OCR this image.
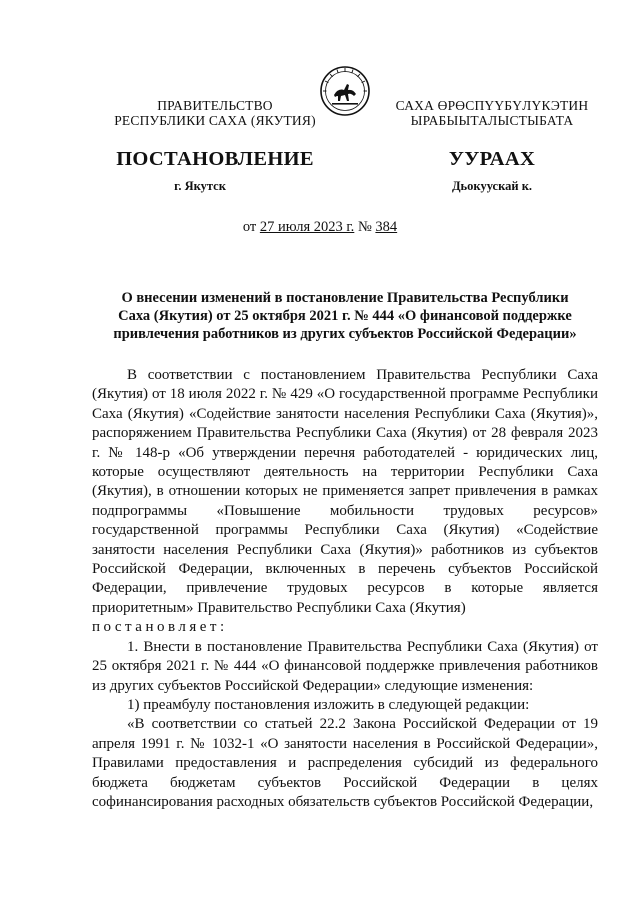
ПРАВИТЕЛЬСТВО
РЕСПУБЛИКИ САХА (ЯКУТИЯ)
САХА ӨРӨСПҮҮБҮЛҮКЭТИН
ЫРАБЫЫТАЛЫСТЫБАТА
ПОСТАНОВЛЕНИЕ	УУРААХ
г. Якутск	Дьокуускай к.
от 27 июля 2023 г. № 384
О внесении изменений в постановление Правительства Республики
Саха (Якутия) от 25 октября 2021 г. № 444 «О финансовой поддержке
привлечения работников из других субъектов Российской Федерации»

В соответствии с постановлением Правительства Республики Саха (Якутия) от 18 июля 2022 г. № 429 «О государственной программе Республики Саха (Якутия) «Содействие занятости населения Республики Саха (Якутия)», распоряжением Правительства Республики Саха (Якутия) от 28 февраля 2023 г. № 148-р «Об утверждении перечня работодателей - юридических лиц, которые осуществляют деятельность на территории Республики Саха (Якутия), в отношении которых не применяется запрет привлечения в рамках подпрограммы «Повышение мобильности трудовых ресурсов» государственной программы Республики Саха (Якутия) «Содействие занятости населения Республики Саха (Якутия)» работников из субъектов Российской Федерации, включенных в перечень субъектов Российской Федерации, привлечение трудовых ресурсов в которые является приоритетным» Правительство Республики Саха (Якутия)

постановляет:

1. Внести в постановление Правительства Республики Саха (Якутия) от 25 октября 2021 г. № 444 «О финансовой поддержке привлечения работников из других субъектов Российской Федерации» следующие изменения:

1) преамбулу постановления изложить в следующей редакции:

«В соответствии со статьей 22.2 Закона Российской Федерации от 19 апреля 1991 г. № 1032-1 «О занятости населения в Российской Федерации», Правилами предоставления и распределения субсидий из федерального бюджета бюджетам субъектов Российской Федерации в целях софинансирования расходных обязательств субъектов Российской Федерации,
